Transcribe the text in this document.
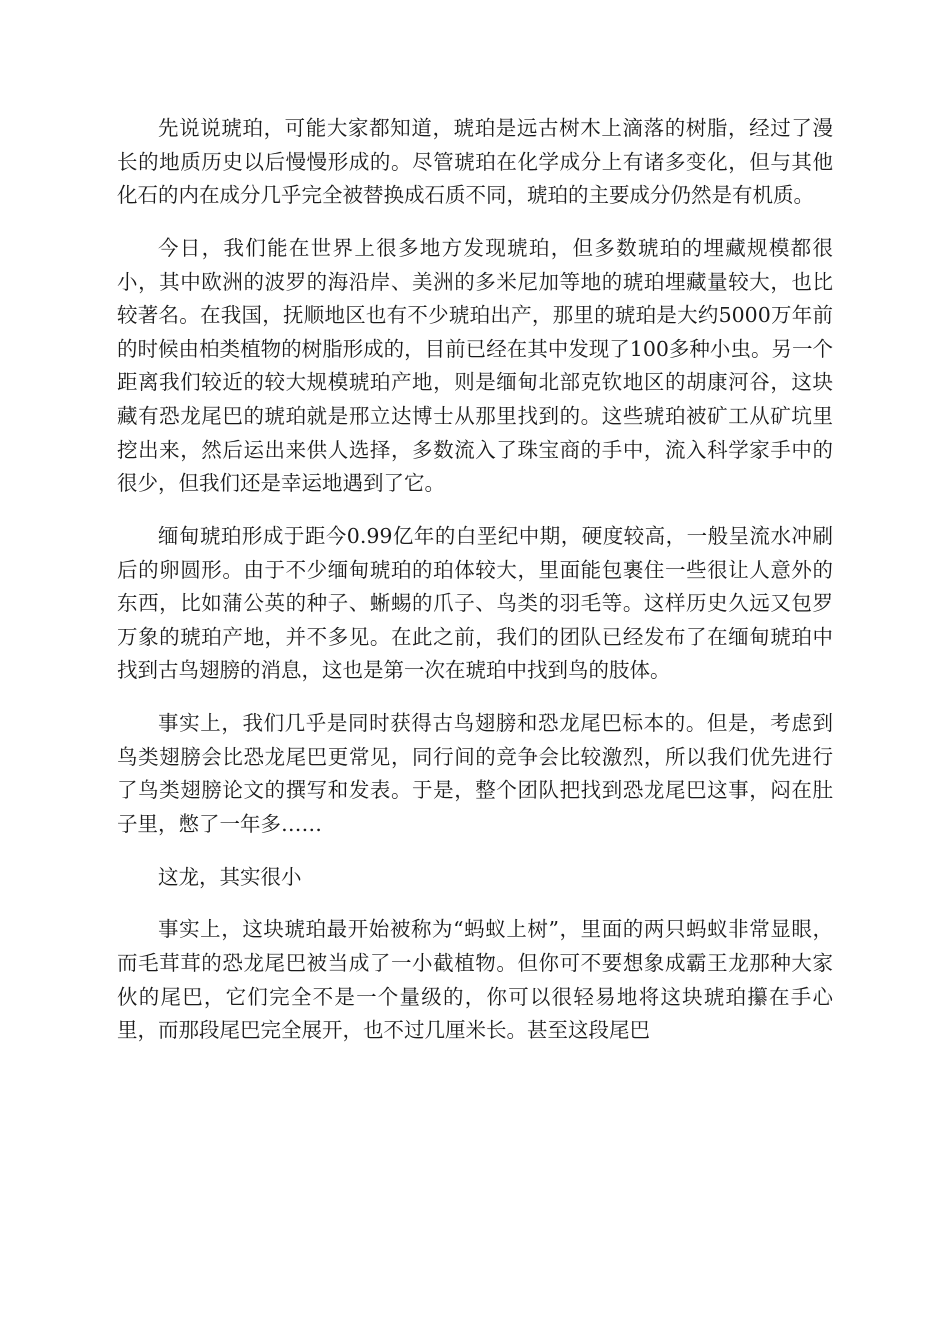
先说说琥珀，可能大家都知道，琥珀是远古树木上滴落的树脂，经过了漫长的地质历史以后慢慢形成的。尽管琥珀在化学成分上有诸多变化，但与其他化石的内在成分几乎完全被替换成石质不同，琥珀的主要成分仍然是有机质。

今日，我们能在世界上很多地方发现琥珀，但多数琥珀的埋藏规模都很小，其中欧洲的波罗的海沿岸、美洲的多米尼加等地的琥珀埋藏量较大，也比较著名。在我国，抚顺地区也有不少琥珀出产，那里的琥珀是大约5000万年前的时候由柏类植物的树脂形成的，目前已经在其中发现了100多种小虫。另一个距离我们较近的较大规模琥珀产地，则是缅甸北部克钦地区的胡康河谷，这块藏有恐龙尾巴的琥珀就是邢立达博士从那里找到的。这些琥珀被矿工从矿坑里挖出来，然后运出来供人选择，多数流入了珠宝商的手中，流入科学家手中的很少，但我们还是幸运地遇到了它。

缅甸琥珀形成于距今0.99亿年的白垩纪中期，硬度较高，一般呈流水冲刷后的卵圆形。由于不少缅甸琥珀的珀体较大，里面能包裹住一些很让人意外的东西，比如蒲公英的种子、蜥蜴的爪子、鸟类的羽毛等。这样历史久远又包罗万象的琥珀产地，并不多见。在此之前，我们的团队已经发布了在缅甸琥珀中找到古鸟翅膀的消息，这也是第一次在琥珀中找到鸟的肢体。

事实上，我们几乎是同时获得古鸟翅膀和恐龙尾巴标本的。但是，考虑到鸟类翅膀会比恐龙尾巴更常见，同行间的竞争会比较激烈，所以我们优先进行了鸟类翅膀论文的撰写和发表。于是，整个团队把找到恐龙尾巴这事，闷在肚子里，憋了一年多……

这龙，其实很小

事实上，这块琥珀最开始被称为“蚂蚁上树”，里面的两只蚂蚁非常显眼，而毛茸茸的恐龙尾巴被当成了一小截植物。但你可不要想象成霸王龙那种大家伙的尾巴，它们完全不是一个量级的，你可以很轻易地将这块琥珀攥在手心里，而那段尾巴完全展开，也不过几厘米长。甚至这段尾巴
